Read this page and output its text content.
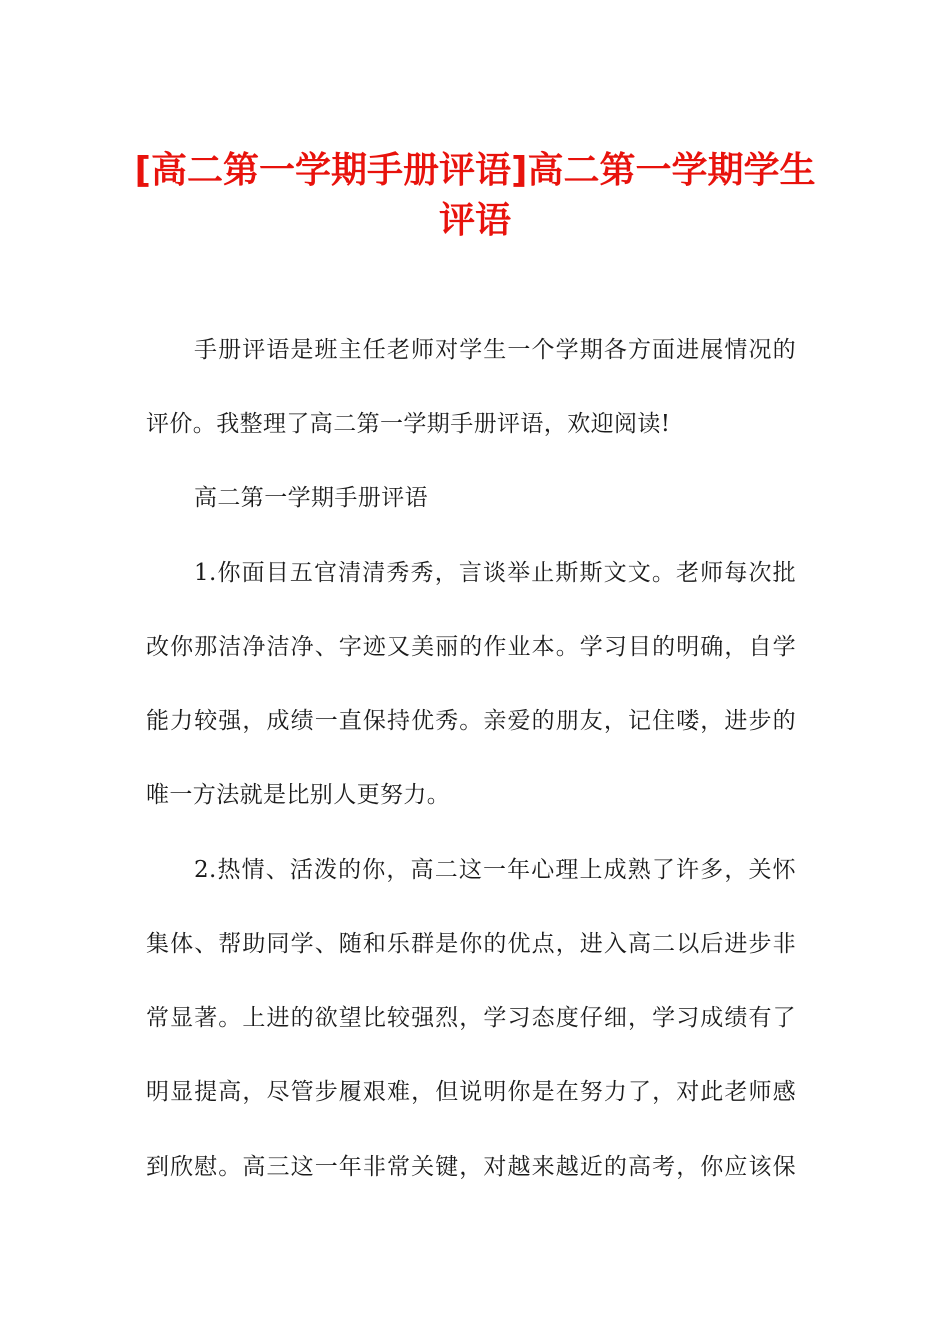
[高二第一学期手册评语]高二第一学期学生
评语

手册评语是班主任老师对学生一个学期各方面进展情况的

评价。我整理了高二第一学期手册评语，欢迎阅读!

高二第一学期手册评语

1.你面目五官清清秀秀，言谈举止斯斯文文。老师每次批

改你那洁净洁净、字迹又美丽的作业本。学习目的明确，自学

能力较强，成绩一直保持优秀。亲爱的朋友，记住喽，进步的

唯一方法就是比别人更努力。

2.热情、活泼的你，高二这一年心理上成熟了许多，关怀

集体、帮助同学、随和乐群是你的优点，进入高二以后进步非

常显著。上进的欲望比较强烈，学习态度仔细，学习成绩有了

明显提高，尽管步履艰难，但说明你是在努力了，对此老师感

到欣慰。高三这一年非常关键，对越来越近的高考，你应该保
